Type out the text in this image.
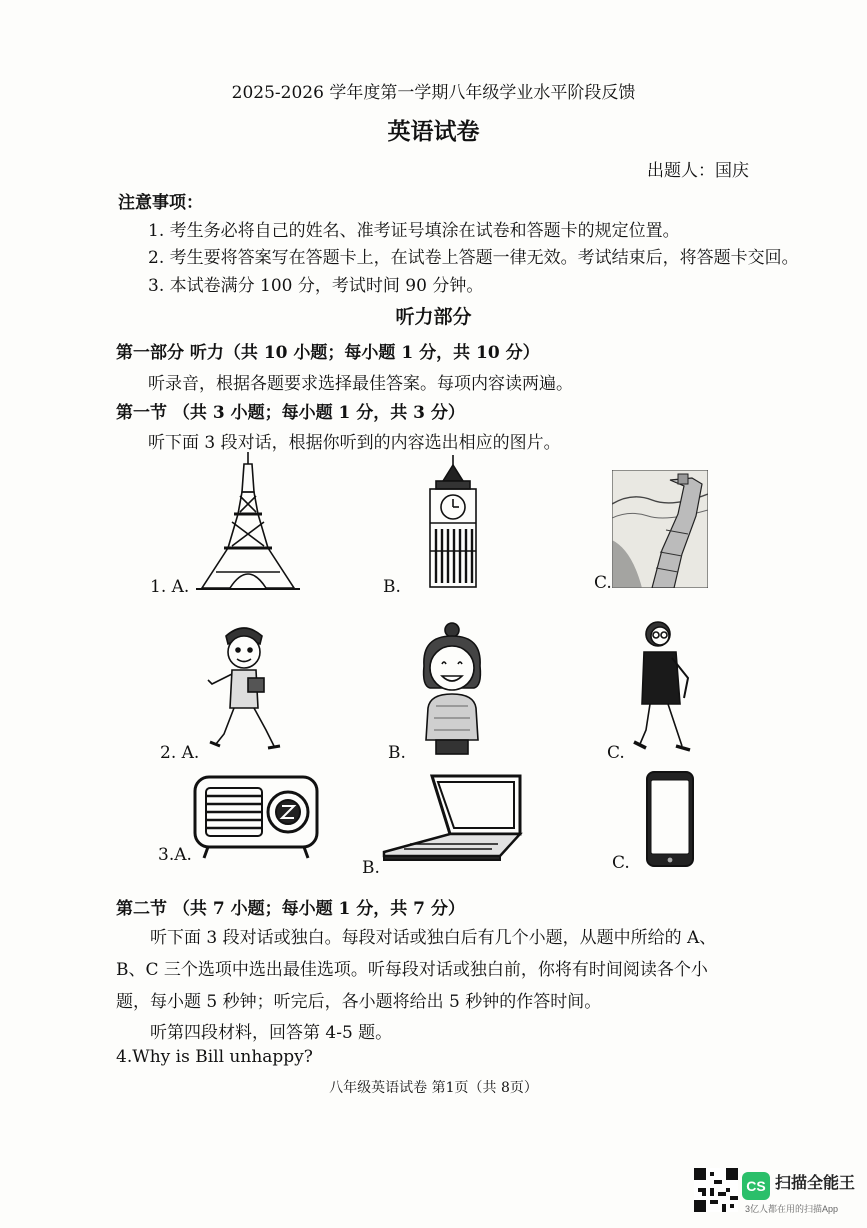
2025-2026 学年度第一学期八年级学业水平阶段反馈
英语试卷
出题人：国庆
注意事项：
1. 考生务必将自己的姓名、准考证号填涂在试卷和答题卡的规定位置。
2. 考生要将答案写在答题卡上，在试卷上答题一律无效。考试结束后，将答题卡交回。
3. 本试卷满分 100 分，考试时间 90 分钟。
听力部分
第一部分 听力（共 10 小题；每小题 1 分，共 10 分）
听录音，根据各题要求选择最佳答案。每项内容读两遍。
第一节 （共 3 小题；每小题 1 分，共 3 分）
听下面 3 段对话，根据你听到的内容选出相应的图片。
1. A.	B.	C.
2. A.	B.	C.
3.A.
B.	C.
第二节 （共 7 小题；每小题 1 分，共 7 分）
听下面 3 段对话或独白。每段对话或独白后有几个小题，从题中所给的 A、
B、C 三个选项中选出最佳选项。听每段对话或独白前，你将有时间阅读各个小
题，每小题 5 秒钟；听完后，各小题将给出 5 秒钟的作答时间。
听第四段材料，回答第 4-5 题。
4.Why is Bill unhappy?
八年级英语试卷 第1页（共 8页）
CS 扫描全能王
3亿人都在用的扫描App
